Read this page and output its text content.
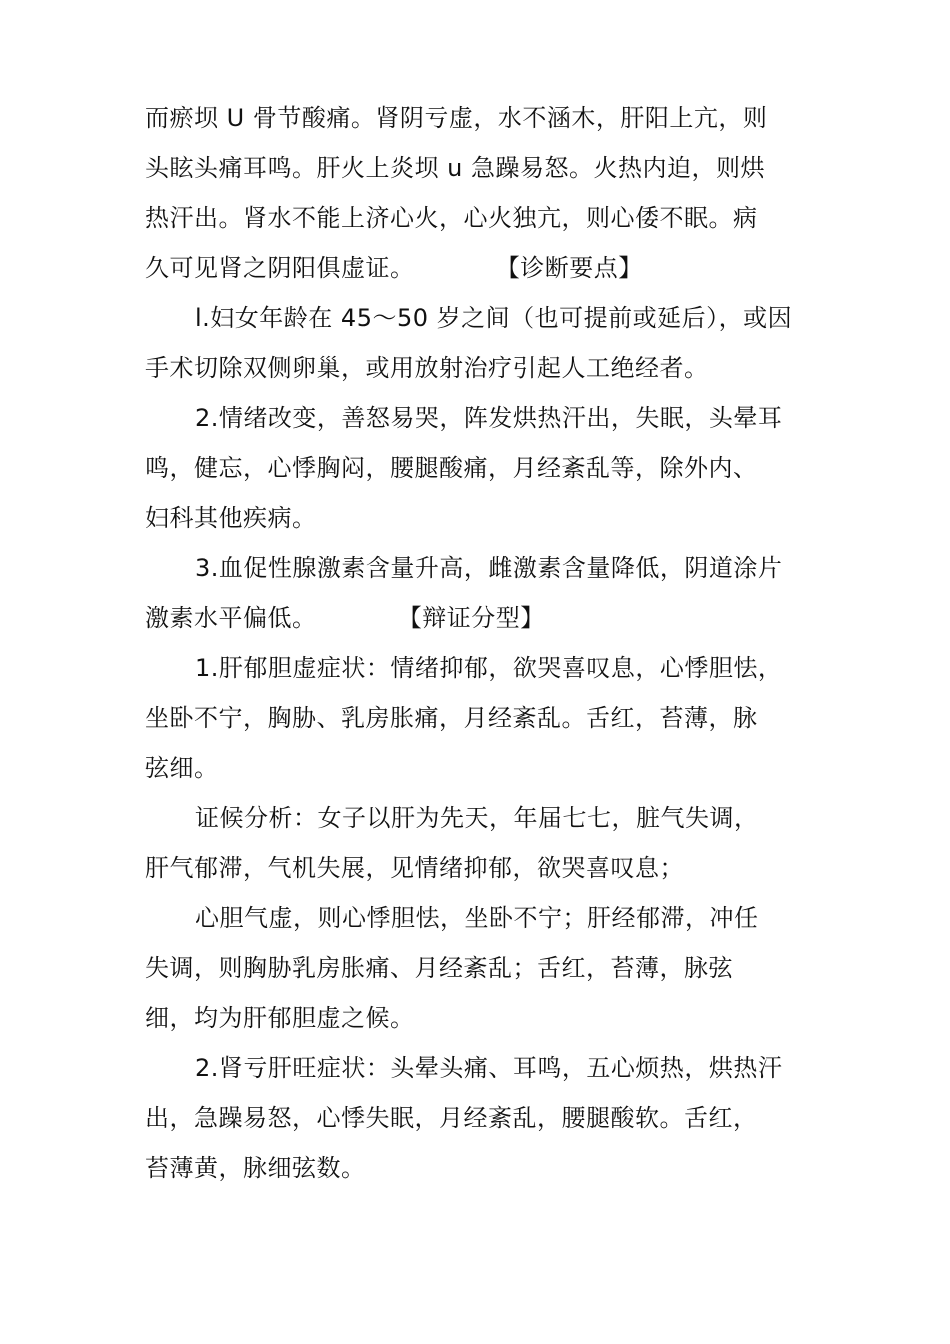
而瘀坝 U 骨节酸痛。肾阴亏虚，水不涵木，肝阳上亢，则
头眩头痛耳鸣。肝火上炎坝 u 急躁易怒。火热内迫，则烘
热汗出。肾水不能上济心火，心火独亢，则心倭不眠。病
久可见肾之阴阳俱虚证。          【诊断要点】
l.妇女年龄在 45～50 岁之间（也可提前或延后），或因
手术切除双侧卵巢，或用放射治疗引起人工绝经者。
2.情绪改变，善怒易哭，阵发烘热汗出，失眠，头晕耳
鸣，健忘，心悸胸闷，腰腿酸痛，月经紊乱等，除外内、
妇科其他疾病。
3.血促性腺激素含量升高，雌激素含量降低，阴道涂片
激素水平偏低。          【辩证分型】
1.肝郁胆虚症状：情绪抑郁，欲哭喜叹息，心悸胆怯，
坐卧不宁，胸胁、乳房胀痛，月经紊乱。舌红，苔薄，脉
弦细。
证候分析：女子以肝为先天，年届七七，脏气失调，
肝气郁滞，气机失展，见情绪抑郁，欲哭喜叹息；
心胆气虚，则心悸胆怯，坐卧不宁；肝经郁滞，冲任
失调，则胸胁乳房胀痛、月经紊乱；舌红，苔薄，脉弦
细，均为肝郁胆虚之候。
2.肾亏肝旺症状：头晕头痛、耳鸣，五心烦热，烘热汗
出，急躁易怒，心悸失眠，月经紊乱，腰腿酸软。舌红，
苔薄黄，脉细弦数。
